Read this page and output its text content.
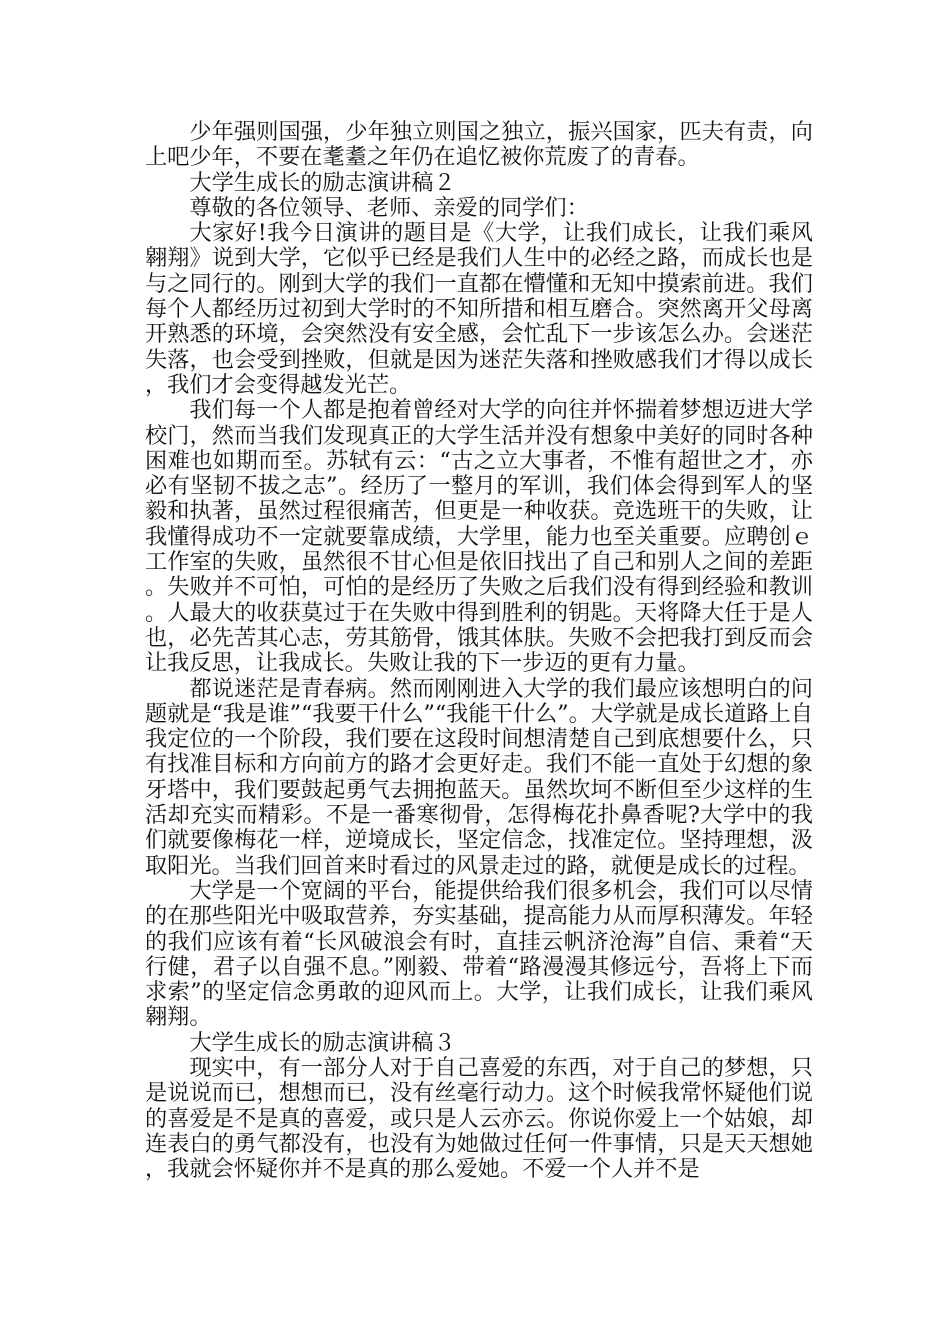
少年强则国强，少年独立则国之独立，振兴国家，匹夫有责，向上吧少年，不要在耄耋之年仍在追忆被你荒废了的青春。

大学生成长的励志演讲稿２

尊敬的各位领导、老师、亲爱的同学们：

大家好!我今日演讲的题目是《大学，让我们成长，让我们乘风翱翔》说到大学，它似乎已经是我们人生中的必经之路，而成长也是与之同行的。刚到大学的我们一直都在懵懂和无知中摸索前进。我们每个人都经历过初到大学时的不知所措和相互磨合。突然离开父母离开熟悉的环境，会突然没有安全感，会忙乱下一步该怎么办。会迷茫失落，也会受到挫败，但就是因为迷茫失落和挫败感我们才得以成长，我们才会变得越发光芒。

我们每一个人都是抱着曾经对大学的向往并怀揣着梦想迈进大学校门，然而当我们发现真正的大学生活并没有想象中美好的同时各种困难也如期而至。苏轼有云：“古之立大事者，不惟有超世之才，亦必有坚韧不拔之志”。经历了一整月的军训，我们体会得到军人的坚毅和执著，虽然过程很痛苦，但更是一种收获。竞选班干的失败，让我懂得成功不一定就要靠成绩，大学里，能力也至关重要。应聘创ｅ工作室的失败，虽然很不甘心但是依旧找出了自己和别人之间的差距。失败并不可怕，可怕的是经历了失败之后我们没有得到经验和教训。人最大的收获莫过于在失败中得到胜利的钥匙。天将降大任于是人也，必先苦其心志，劳其筋骨，饿其体肤。失败不会把我打到反而会让我反思，让我成长。失败让我的下一步迈的更有力量。

都说迷茫是青春病。然而刚刚进入大学的我们最应该想明白的问题就是“我是谁”“我要干什么”“我能干什么”。大学就是成长道路上自我定位的一个阶段，我们要在这段时间想清楚自己到底想要什么，只有找准目标和方向前方的路才会更好走。我们不能一直处于幻想的象牙塔中，我们要鼓起勇气去拥抱蓝天。虽然坎坷不断但至少这样的生活却充实而精彩。不是一番寒彻骨，怎得梅花扑鼻香呢?大学中的我们就要像梅花一样，逆境成长，坚定信念，找准定位。坚持理想，汲取阳光。当我们回首来时看过的风景走过的路，就便是成长的过程。

大学是一个宽阔的平台，能提供给我们很多机会，我们可以尽情的在那些阳光中吸取营养，夯实基础，提高能力从而厚积薄发。年轻的我们应该有着“长风破浪会有时，直挂云帆济沧海”自信、秉着“天行健，君子以自强不息。”刚毅、带着“路漫漫其修远兮，吾将上下而求索”的坚定信念勇敢的迎风而上。大学，让我们成长，让我们乘风翱翔。

大学生成长的励志演讲稿３

现实中，有一部分人对于自己喜爱的东西，对于自己的梦想，只是说说而已，想想而已，没有丝毫行动力。这个时候我常怀疑他们说的喜爱是不是真的喜爱，或只是人云亦云。你说你爱上一个姑娘，却连表白的勇气都没有，也没有为她做过任何一件事情，只是天天想她，我就会怀疑你并不是真的那么爱她。不爱一个人并不是
